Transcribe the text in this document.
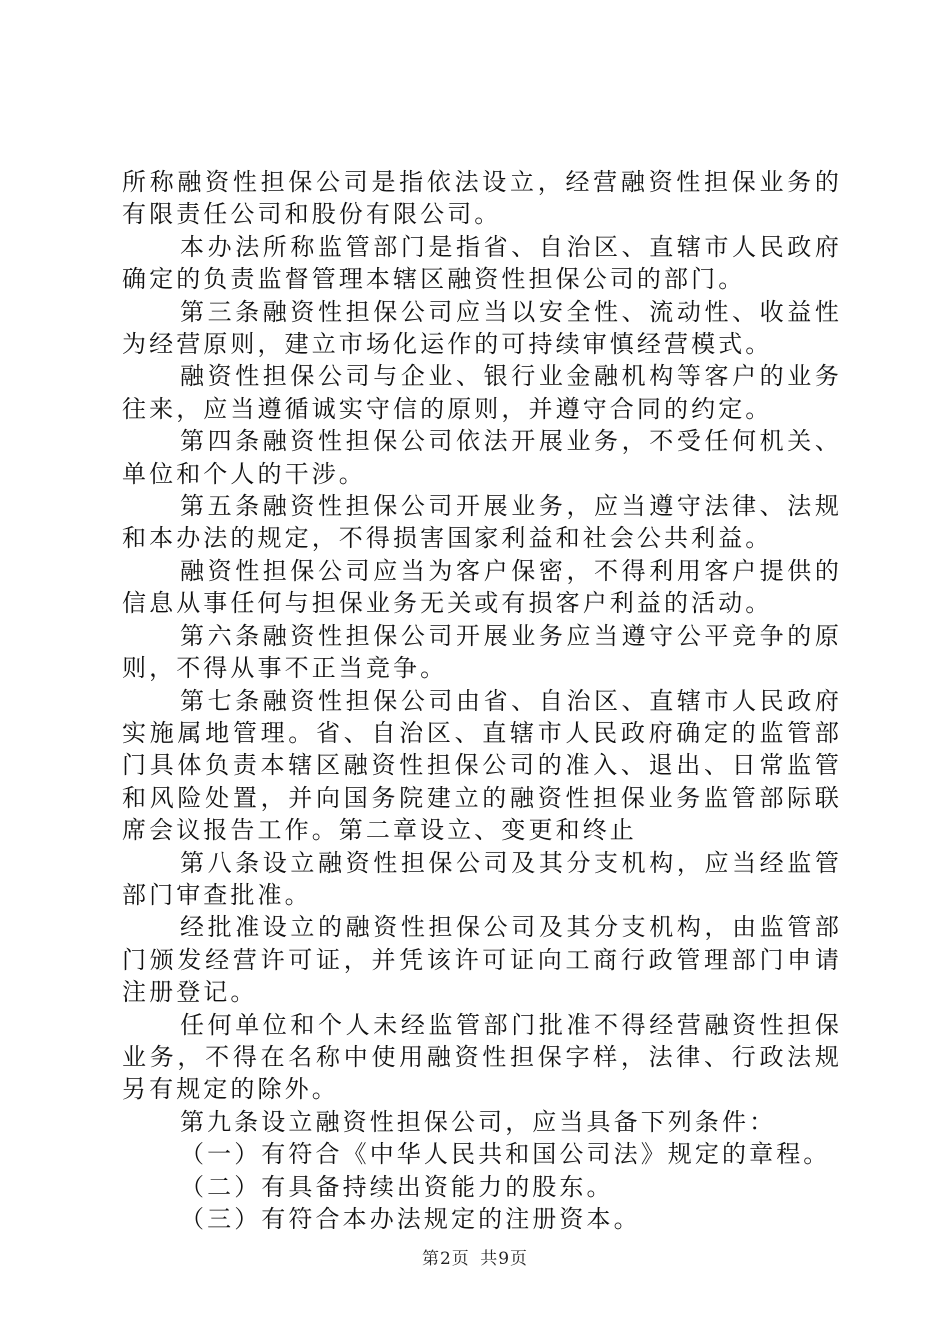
所称融资性担保公司是指依法设立，经营融资性担保业务的有限责任公司和股份有限公司。

本办法所称监管部门是指省、自治区、直辖市人民政府确定的负责监督管理本辖区融资性担保公司的部门。

第三条融资性担保公司应当以安全性、流动性、收益性为经营原则，建立市场化运作的可持续审慎经营模式。

融资性担保公司与企业、银行业金融机构等客户的业务往来，应当遵循诚实守信的原则，并遵守合同的约定。

第四条融资性担保公司依法开展业务，不受任何机关、单位和个人的干涉。

第五条融资性担保公司开展业务，应当遵守法律、法规和本办法的规定，不得损害国家利益和社会公共利益。

融资性担保公司应当为客户保密，不得利用客户提供的信息从事任何与担保业务无关或有损客户利益的活动。

第六条融资性担保公司开展业务应当遵守公平竞争的原则，不得从事不正当竞争。

第七条融资性担保公司由省、自治区、直辖市人民政府实施属地管理。省、自治区、直辖市人民政府确定的监管部门具体负责本辖区融资性担保公司的准入、退出、日常监管和风险处置，并向国务院建立的融资性担保业务监管部际联席会议报告工作。第二章设立、变更和终止

第八条设立融资性担保公司及其分支机构，应当经监管部门审查批准。

经批准设立的融资性担保公司及其分支机构，由监管部门颁发经营许可证，并凭该许可证向工商行政管理部门申请注册登记。

任何单位和个人未经监管部门批准不得经营融资性担保业务，不得在名称中使用融资性担保字样，法律、行政法规另有规定的除外。

第九条设立融资性担保公司，应当具备下列条件：

（一）有符合《中华人民共和国公司法》规定的章程。

（二）有具备持续出资能力的股东。

（三）有符合本办法规定的注册资本。

第2页 共9页
